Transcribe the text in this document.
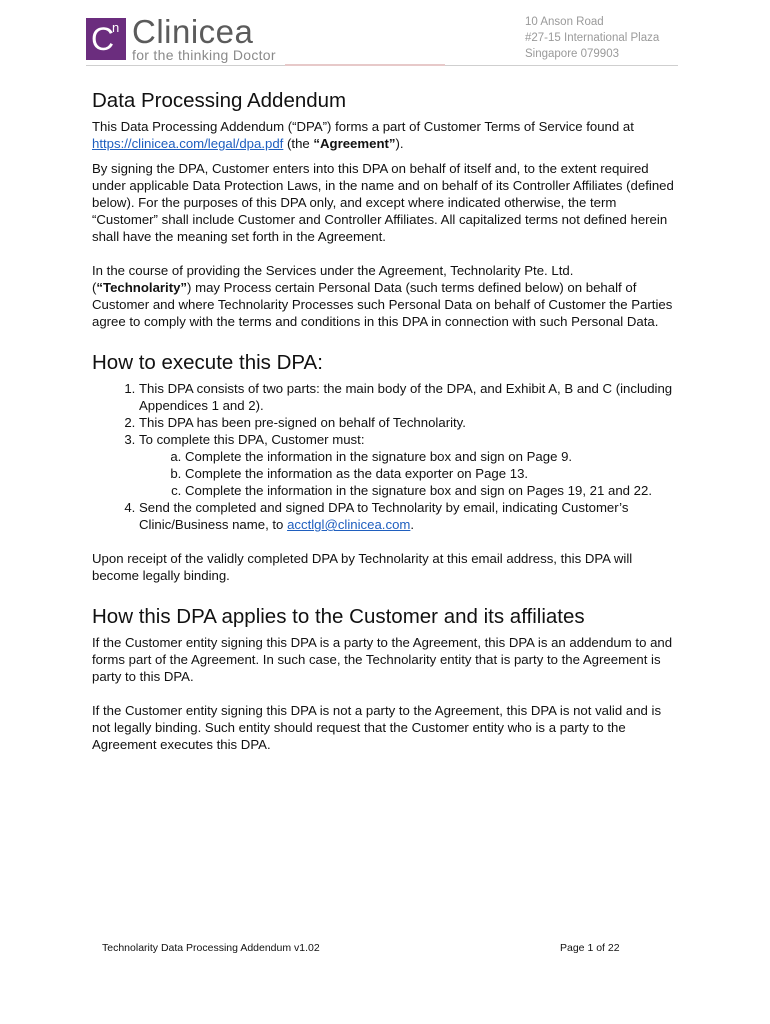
C
n Clinicea
for the thinking Doctor
10 Anson Road
#27-15 International Plaza
Singapore 079903
Data Processing Addendum

This Data Processing Addendum (“DPA”) forms a part of Customer Terms of Service found at https://clinicea.com/legal/dpa.pdf (the “Agreement”).

By signing the DPA, Customer enters into this DPA on behalf of itself and, to the extent required under applicable Data Protection Laws, in the name and on behalf of its Controller Affiliates (defined below). For the purposes of this DPA only, and except where indicated otherwise, the term “Customer” shall include Customer and Controller Affiliates. All capitalized terms not defined herein shall have the meaning set forth in the Agreement.

In the course of providing the Services under the Agreement, Technolarity Pte. Ltd.
(“Technolarity”) may Process certain Personal Data (such terms defined below) on behalf of
Customer and where Technolarity Processes such Personal Data on behalf of Customer the Parties agree to comply with the terms and conditions in this DPA in connection with such Personal Data.

How to execute this DPA:
1. This DPA consists of two parts: the main body of the DPA, and Exhibit A, B and C (including Appendices 1 and 2).
2. This DPA has been pre-signed on behalf of Technolarity.
3. To complete this DPA, Customer must:
a. Complete the information in the signature box and sign on Page 9.
b. Complete the information as the data exporter on Page 13.
c. Complete the information in the signature box and sign on Pages 19, 21 and 22.
4. Send the completed and signed DPA to Technolarity by email, indicating Customer’s Clinic/Business name, to acctlgl@clinicea.com.

Upon receipt of the validly completed DPA by Technolarity at this email address, this DPA will become legally binding.

How this DPA applies to the Customer and its affiliates

If the Customer entity signing this DPA is a party to the Agreement, this DPA is an addendum to and forms part of the Agreement. In such case, the Technolarity entity that is party to the Agreement is party to this DPA.

If the Customer entity signing this DPA is not a party to the Agreement, this DPA is not valid and is not legally binding. Such entity should request that the Customer entity who is a party to the Agreement executes this DPA.

Technolarity Data Processing Addendum v1.02	Page 1 of 22
